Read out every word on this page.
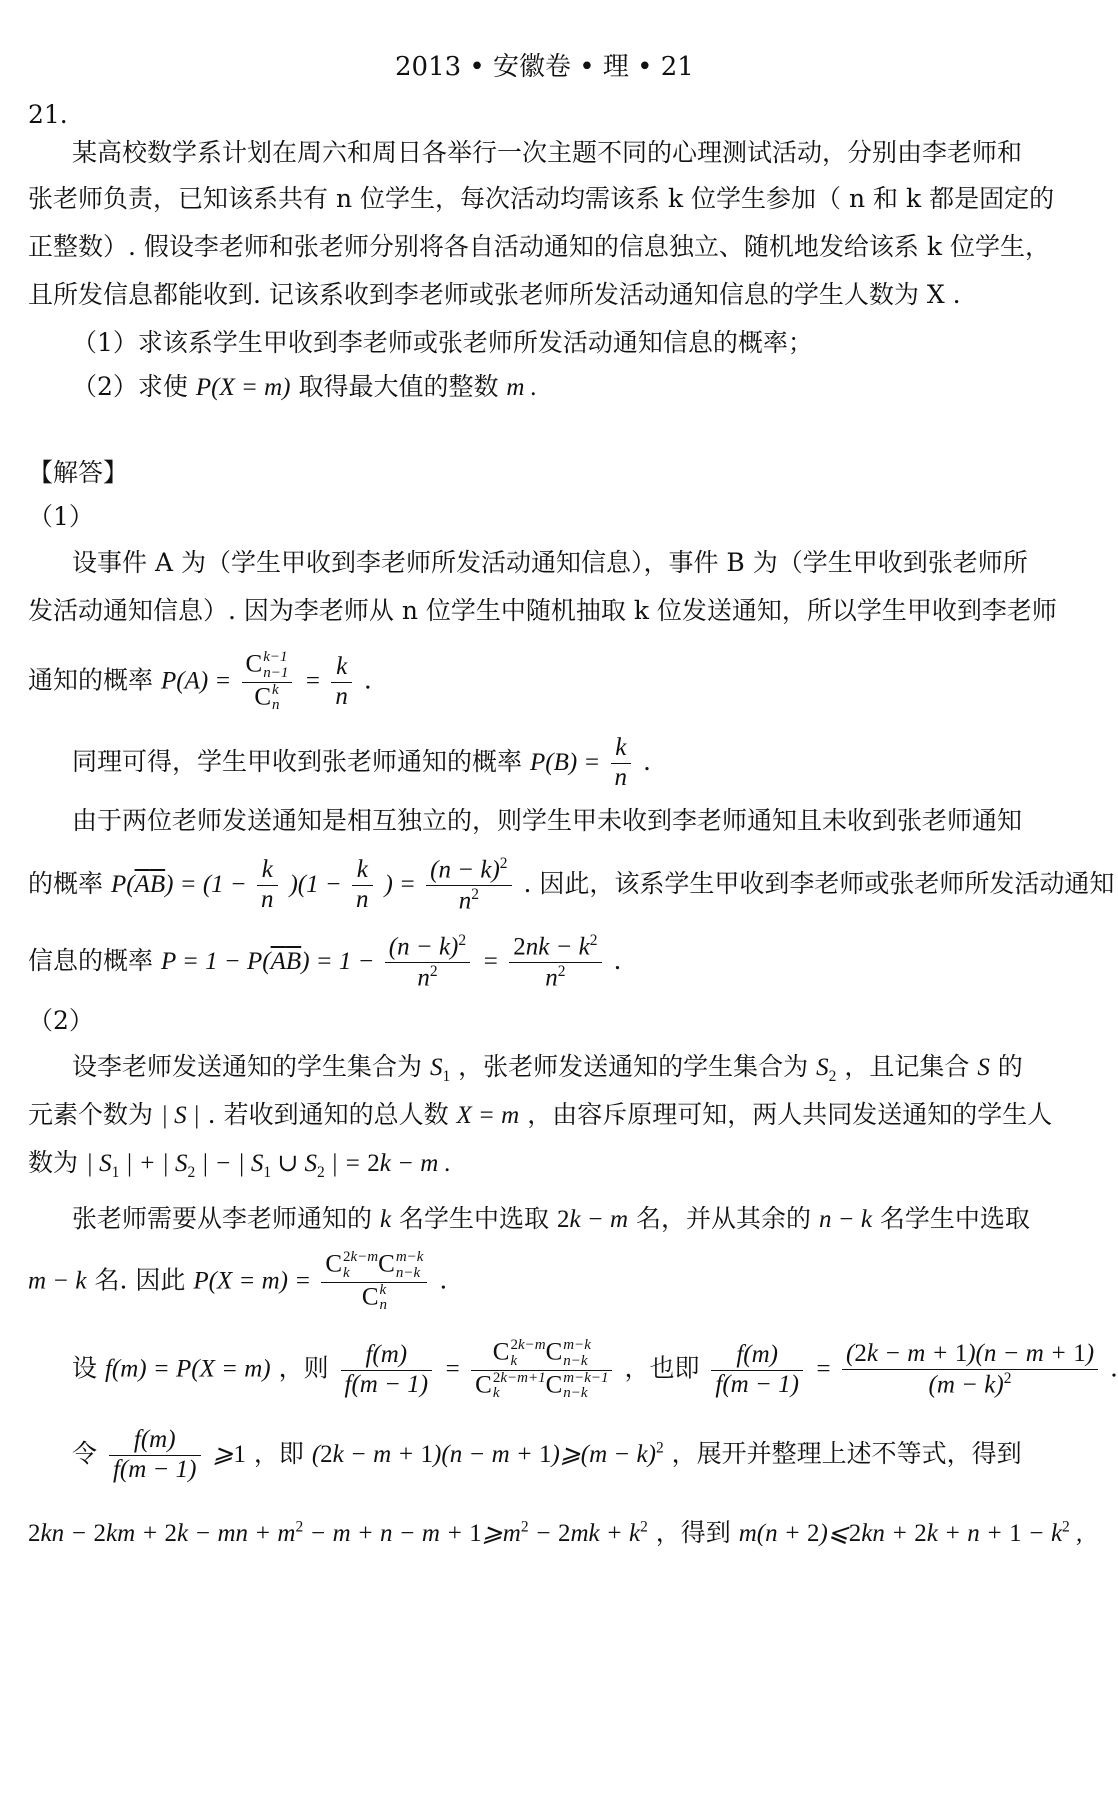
2013 • 安徽卷 • 理 • 21
21.
某高校数学系计划在周六和周日各举行一次主题不同的心理测试活动，分别由李老师和
张老师负责，已知该系共有 n 位学生，每次活动均需该系 k 位学生参加（ n 和 k 都是固定的
正整数）. 假设李老师和张老师分别将各自活动通知的信息独立、随机地发给该系 k 位学生，
且所发信息都能收到. 记该系收到李老师或张老师所发活动通知信息的学生人数为 X .
（1）求该系学生甲收到李老师或张老师所发活动通知信息的概率；
（2）求使 P(X = m) 取得最大值的整数 m .
【解答】
（1）
设事件 A 为（学生甲收到李老师所发活动通知信息），事件 B 为（学生甲收到张老师所
发活动通知信息）. 因为李老师从 n 位学生中随机抽取 k 位发送通知，所以学生甲收到李老师
通知的概率 P(A) = C k−1
n−1
C k
$n = \frac{k}{n}$ .
同理可得，学生甲收到张老师通知的概率 $P(B) = \frac{k}{n}$ .
由于两位老师发送通知是相互独立的，则学生甲未收到李老师通知且未收到张老师通知
的概率 $P(\overline{A}\overline{B}) = (1 - \frac{k}{n} )(1 - \frac{k}{n}$ ) = $\frac{(n - k)^2}{n^2}$ . 因此，该系学生甲收到李老师或张老师所发活动通知
信息的概率 $P = 1 - P(\overline{A}\overline{B}) = 1 - \frac{(n - k)^2}{n^2} = \frac{2nk - k^2}{n^2}$ .
（2）
设李老师发送通知的学生集合为 $S_1$ ，张老师发送通知的学生集合为 $S_2$ ，且记集合 S 的
元素个数为 | S | . 若收到通知的总人数 X = m ，由容斥原理可知，两人共同发送通知的学生人
数为 | $S_1$ | + | $S_2$ | − | $S_1$ ∪ $S_2$ | = 2k − m .
张老师需要从李老师通知的 k 名学生中选取 2k − m 名，并从其余的 n − k 名学生中选取
m − k 名. 因此 P(X = m) = C 2k−m
k	C m−k
n−k
C k
n .
设 f(m) = P(X = m) ，则 $\frac{f(m)}{f(m - 1)} = C$ 2k−m
k	C m−k
n−k
C 2k−m+1
k	C m−k−1
n−k ，也即 $\frac{f(m)}{f(m - 1)} = \frac{(2k - m + 1)(n - m + 1)}{(m - k)^2}$ .
令 $\frac{f(m)}{f(m - 1)}$ ⩾1 ，即 (2k − m + 1)(n − m + 1)⩾(m − k)$^2$ ，展开并整理上述不等式，得到
2kn − 2km + 2k − mn + $m^2 - m + n - m$ + $1⩾m^2 - 2mk + k^2$ ，得到 m(n + 2)⩽2kn + $2k + n + 1 - k^2$ ,
